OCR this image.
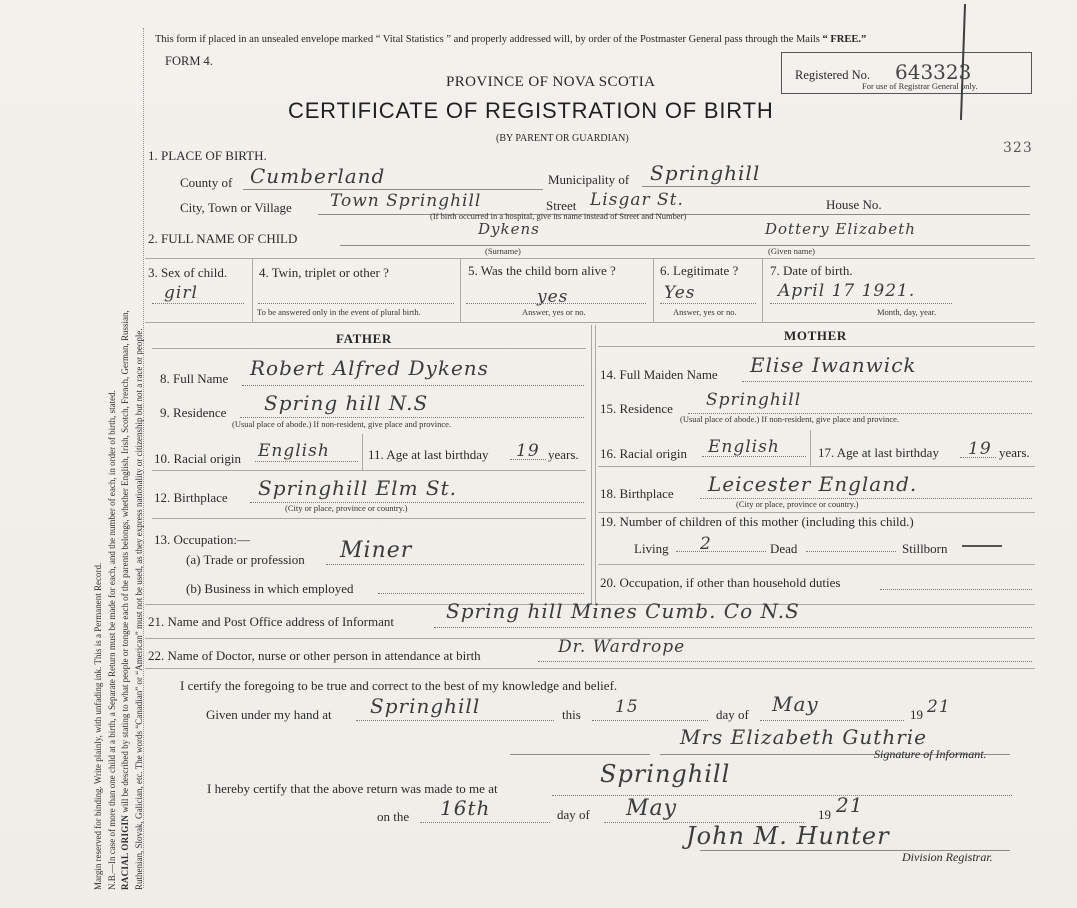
Margin reserved for binding. Write plainly, with unfading ink. This is a Permanent Record. N.B.—In case of more than one child at a birth, a Separate Return must be made for each, and the number of each, in order of birth, stated. RACIAL ORIGIN will be described by stating to what people or tongue each of the parents belongs, whether English, Irish, Scotch, French, German, Russian, Ruthenian, Slovak, Galician, etc. The words “Canadian” or “American” must not be used, as they express nationality or citizenship but not a race or people.
This form if placed in an unsealed envelope marked “ Vital Statistics ” and properly addressed will, by order of the Postmaster General pass through the Mails “ FREE.”
FORM 4.
Registered No. 643323
For use of Registrar General only.
PROVINCE OF NOVA SCOTIA
CERTIFICATE OF REGISTRATION OF BIRTH
(BY PARENT OR GUARDIAN)
323
1. PLACE OF BIRTH.
County of Cumberland	Municipality of Springhill
City, Town or Village Town Springhill	Street Lisgar St.	House No.
(If birth occurred in a hospital, give its name instead of Street and Number)
2. FULL NAME OF CHILD
Dykens	Dottery Elizabeth
(Surname)	(Given name)
3. Sex of child.
girl
4. Twin, triplet or other ?
To be answered only in the event of plural birth.
5. Was the child born alive ?
yes
Answer, yes or no.
6. Legitimate ?
Yes
Answer, yes or no.
7. Date of birth.
April 17 1921.
Month, day, year.
FATHER	MOTHER
8. Full Name Robert Alfred Dykens
9. Residence Spring hill N.S
(Usual place of abode.) If non-resident, give place and province.
10. Racial origin English	11. Age at last birthday 19 years.
12. Birthplace Springhill Elm St.
(City or place, province or country.)
13. Occupation:—
(a) Trade or profession Miner
(b) Business in which employed
14. Full Maiden Name Elise Iwanwick
15. Residence Springhill
(Usual place of abode.) If non-resident, give place and province.
16. Racial origin English	17. Age at last birthday 19 years.
18. Birthplace Leicester England.
(City or place, province or country.)
19. Number of children of this mother (including this child.)
Living 2	Dead	Stillborn
20. Occupation, if other than household duties
21. Name and Post Office address of Informant	Spring hill Mines Cumb. Co N.S
22. Name of Doctor, nurse or other person in attendance at birth	Dr. Wardrope
I certify the foregoing to be true and correct to the best of my knowledge and belief.
Given under my hand at Springhill	this 15	day of May	19 21
Mrs Elizabeth Guthrie
Signature of Informant.
Springhill
I hereby certify that the above return was made to me at
on the 16th	day of May	19 21
John M. Hunter
Division Registrar.
